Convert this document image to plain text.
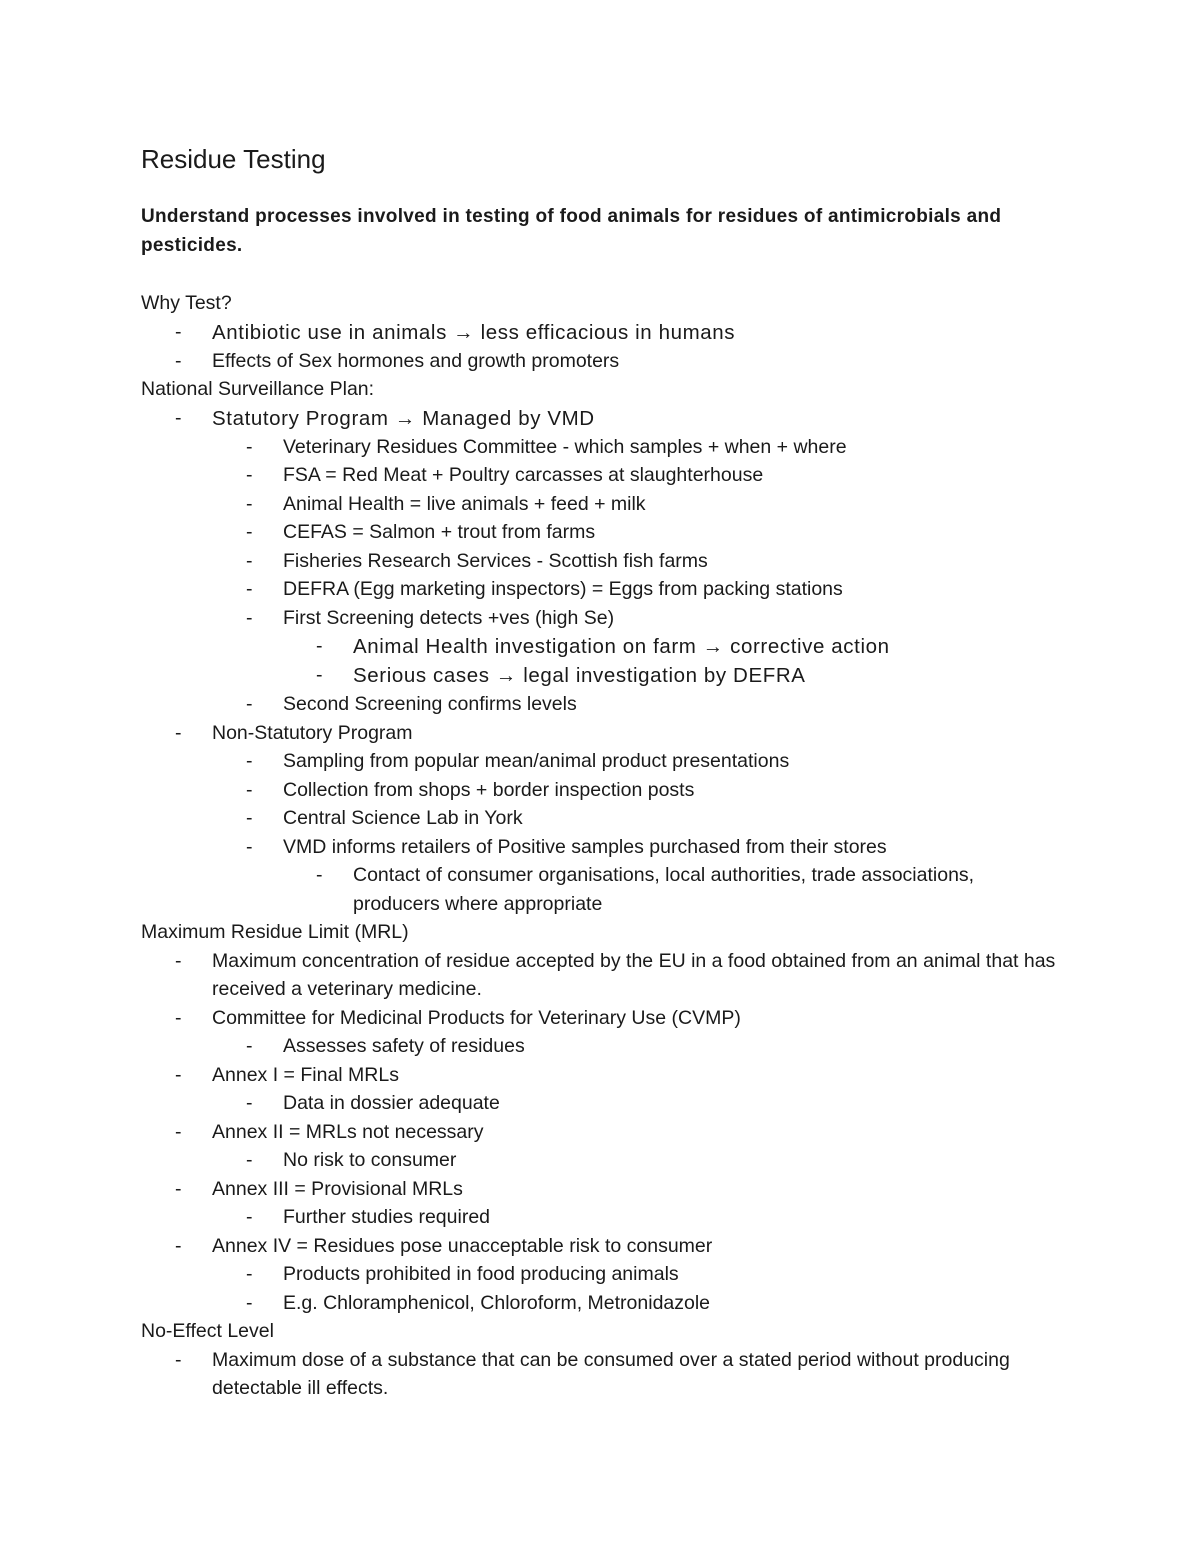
Residue Testing

Understand processes involved in testing of food animals for residues of antimicrobials and pesticides.

Why Test?
- Antibiotic use in animals → less efficacious in humans
- Effects of Sex hormones and growth promoters
National Surveillance Plan:
- Statutory Program → Managed by VMD
- Veterinary Residues Committee - which samples + when + where
- FSA = Red Meat + Poultry carcasses at slaughterhouse
- Animal Health = live animals + feed + milk
- CEFAS = Salmon + trout from farms
- Fisheries Research Services - Scottish fish farms
- DEFRA (Egg marketing inspectors) = Eggs from packing stations
- First Screening detects +ves (high Se)
- Animal Health investigation on farm → corrective action
- Serious cases → legal investigation by DEFRA
- Second Screening confirms levels
- Non-Statutory Program
- Sampling from popular mean/animal product presentations
- Collection from shops + border inspection posts
- Central Science Lab in York
- VMD informs retailers of Positive samples purchased from their stores
- Contact of consumer organisations, local authorities, trade associations, producers where appropriate
Maximum Residue Limit (MRL)
- Maximum concentration of residue accepted by the EU in a food obtained from an animal that has received a veterinary medicine.
- Committee for Medicinal Products for Veterinary Use (CVMP)
- Assesses safety of residues
- Annex I = Final MRLs
- Data in dossier adequate
- Annex II = MRLs not necessary
- No risk to consumer
- Annex III = Provisional MRLs
- Further studies required
- Annex IV = Residues pose unacceptable risk to consumer
- Products prohibited in food producing animals
- E.g. Chloramphenicol, Chloroform, Metronidazole
No-Effect Level
- Maximum dose of a substance that can be consumed over a stated period without producing detectable ill effects.
